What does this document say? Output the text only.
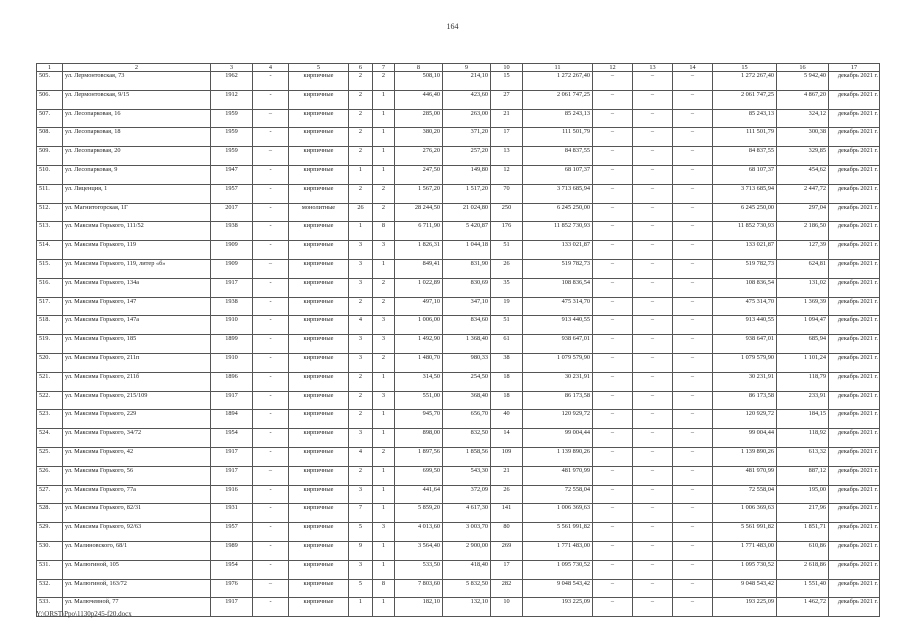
164
1	2	3	4	5	6	7	8	9	10	11	12	13	14	15	16	17
505.	ул. Лермонтовская, 73	1962	-	кирпичные	2	2	508,10	214,10	15	1 272 267,40	–	–	–	1 272 267,40	5 942,40	декабрь 2021 г.
506.	ул. Лермонтовская, 9/15	1912	-	кирпичные	2	1	446,40	423,60	27	2 061 747,25	–	–	–	2 061 747,25	4 867,20	декабрь 2021 г.
507.	ул. Лесопарковая, 16	1959	–	кирпичные	2	1	285,00	263,00	21	85 243,13	–	–	–	85 243,13	324,12	декабрь 2021 г.
508.	ул. Лесопарковая, 18	1959	-	кирпичные	2	1	380,20	371,20	17	111 501,79	–	–	–	111 501,79	300,38	декабрь 2021 г.
509.	ул. Лесопарковая, 20	1959	–	кирпичные	2	1	276,20	257,20	13	84 837,55	–	–	–	84 837,55	329,85	декабрь 2021 г.
510.	ул. Лесопарковая, 9	1947	-	кирпичные	1	1	247,50	149,80	12	68 107,37	–	–	–	68 107,37	454,62	декабрь 2021 г.
511.	ул. Лиценция, 1	1957	-	кирпичные	2	2	1 567,20	1 517,20	70	3 713 685,94	–	–	–	3 713 685,94	2 447,72	декабрь 2021 г.
512.	ул. Магнитогорская, 1Г	2017	-	монолитные	26	2	28 244,50	21 024,80	250	6 245 250,00	–	–	–	6 245 250,00	297,04	декабрь 2021 г.
513.	ул. Максима Горького, 111/52	1938	-	кирпичные	1	8	6 711,90	5 420,87	176	11 852 730,93	–	–	–	11 852 730,93	2 186,50	декабрь 2021 г.
514.	ул. Максима Горького, 119	1909	-	кирпичные	3	3	1 826,31	1 044,18	51	133 021,87	–	–	–	133 021,87	127,39	декабрь 2021 г.
515.	ул. Максима Горького, 119, литер «б»	1909	–	кирпичные	3	1	849,41	831,90	26	519 782,73	–	–	–	519 782,73	624,81	декабрь 2021 г.
516.	ул. Максима Горького, 134а	1917	-	кирпичные	3	2	1 022,89	830,69	35	108 836,54	–	–	–	108 836,54	131,02	декабрь 2021 г.
517.	ул. Максима Горького, 147	1938	-	кирпичные	2	2	497,10	347,10	19	475 314,70	–	–	–	475 314,70	1 369,39	декабрь 2021 г.
518.	ул. Максима Горького, 147а	1910	-	кирпичные	4	3	1 006,00	834,60	51	913 440,55	–	–	–	913 440,55	1 094,47	декабрь 2021 г.
519.	ул. Максима Горького, 185	1899	-	кирпичные	3	3	1 492,90	1 368,40	61	938 647,01	–	–	–	938 647,01	685,94	декабрь 2021 г.
520.	ул. Максима Горького, 211п	1910	-	кирпичные	3	2	1 480,70	980,33	38	1 079 579,90	–	–	–	1 079 579,90	1 101,24	декабрь 2021 г.
521.	ул. Максима Горького, 211б	1896	-	кирпичные	2	1	314,50	254,50	18	30 231,91	–	–	–	30 231,91	118,79	декабрь 2021 г.
522.	ул. Максима Горького, 215/109	1917	-	кирпичные	2	3	551,00	368,40	18	86 173,58	–	–	–	86 173,58	233,91	декабрь 2021 г.
523.	ул. Максима Горького, 229	1894	-	кирпичные	2	1	945,70	656,70	40	120 929,72	–	–	–	120 929,72	184,15	декабрь 2021 г.
524.	ул. Максима Горького, 34/72	1954	-	кирпичные	3	1	898,00	832,50	14	99 004,44	–	–	–	99 004,44	118,92	декабрь 2021 г.
525.	ул. Максима Горького, 42	1917	-	кирпичные	4	2	1 897,56	1 858,56	109	1 139 890,26	–	–	–	1 139 890,26	613,32	декабрь 2021 г.
526.	ул. Максима Горького, 56	1917	–	кирпичные	2	1	699,50	543,30	21	481 970,99	–	–	–	481 970,99	887,12	декабрь 2021 г.
527.	ул. Максима Горького, 77а	1916	-	кирпичные	3	1	441,64	372,09	26	72 558,04	–	–	–	72 558,04	195,00	декабрь 2021 г.
528.	ул. Максима Горького, 82/31	1931	-	кирпичные	7	1	5 859,20	4 617,30	141	1 006 369,63	–	–	–	1 006 369,63	217,96	декабрь 2021 г.
529.	ул. Максима Горького, 92/63	1957	-	кирпичные	5	3	4 013,60	3 003,70	80	5 561 991,82	–	–	–	5 561 991,82	1 851,71	декабрь 2021 г.
530.	ул. Малиновского, 68/1	1989	-	кирпичные	9	1	3 564,40	2 900,00	269	1 771 483,00	–	–	–	1 771 483,00	610,86	декабрь 2021 г.
531.	ул. Малюгиной, 105	1954	-	кирпичные	3	1	533,50	418,40	17	1 095 730,52	–	–	–	1 095 730,52	2 618,86	декабрь 2021 г.
532.	ул. Малюгиной, 163/72	1976	–	кирпичные	5	8	7 803,60	5 832,50	282	9 048 543,42	–	–	–	9 048 543,42	1 551,40	декабрь 2021 г.
533.	ул. Малючевной, 77	1917	-	кирпичные	1	1	182,10	132,10	10	193 225,09	–	–	–	193 225,09	1 462,72	декабрь 2021 г.
Y:\ORST\Ppo\1130p245-f20.docx
